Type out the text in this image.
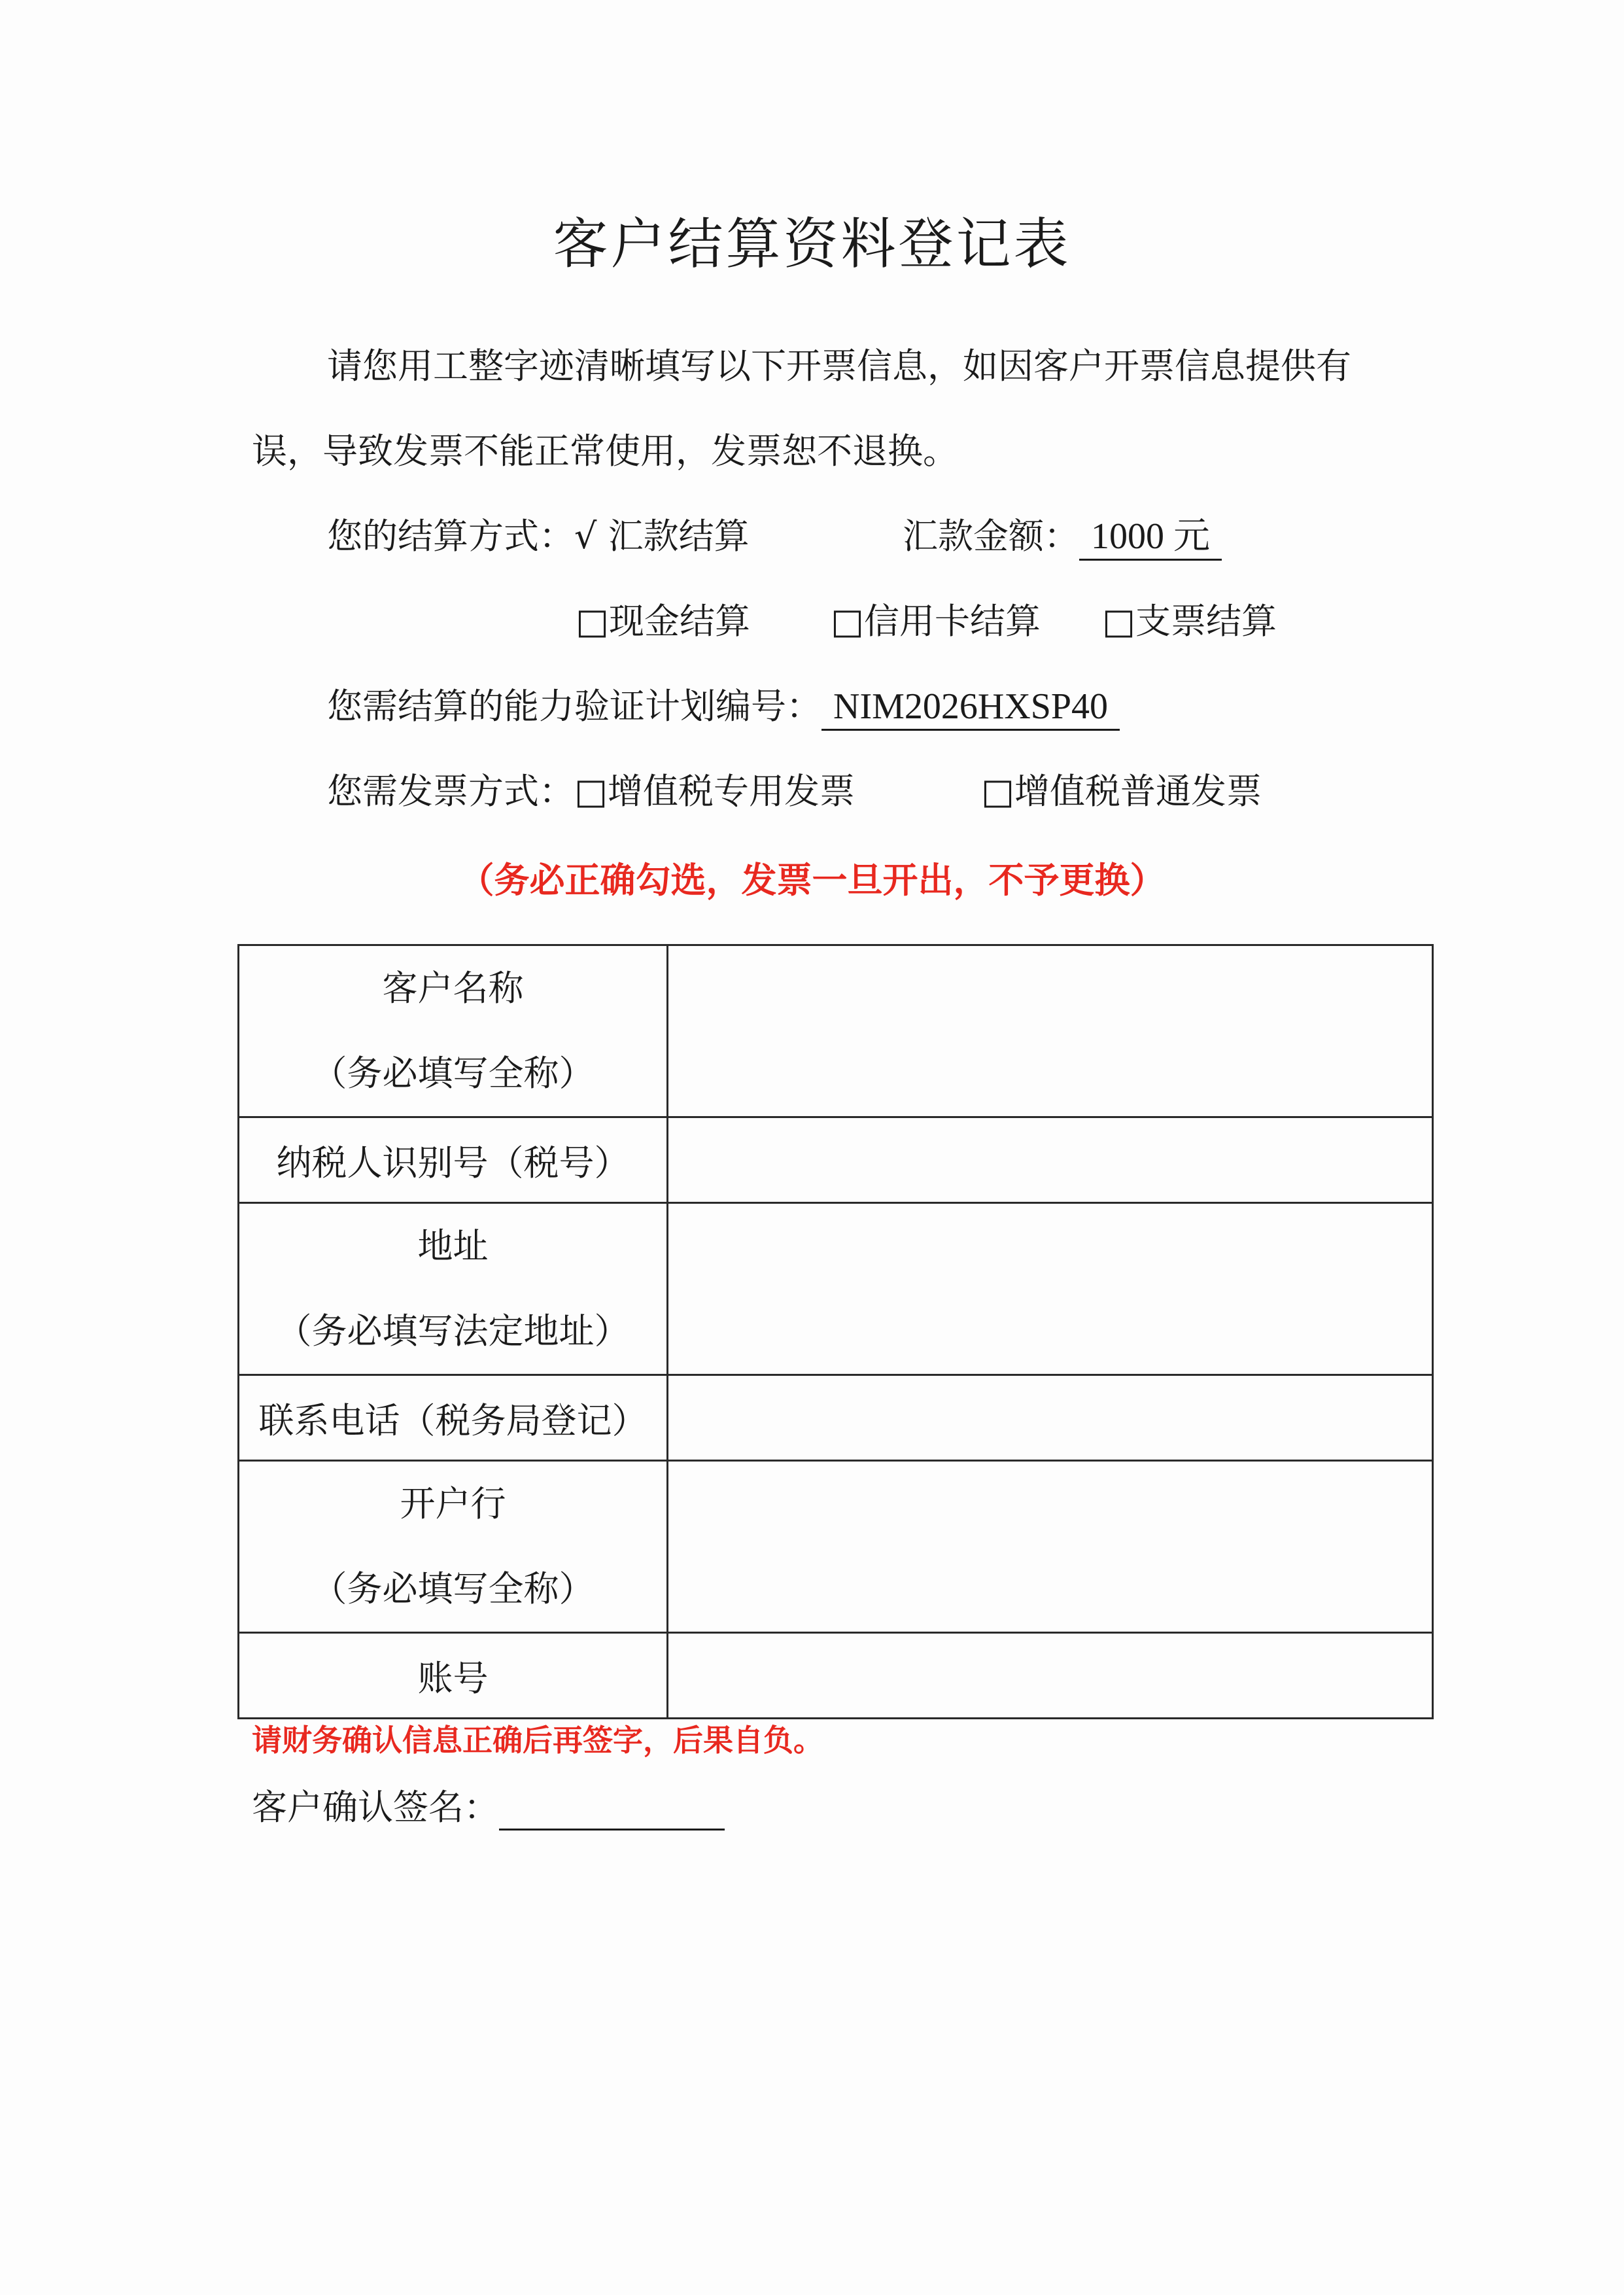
客户结算资料登记表
请您用工整字迹清晰填写以下开票信息，如因客户开票信息提供有
误，导致发票不能正常使用，发票恕不退换。
您的结算方式：√ 汇款结算	汇款金额： 1000 元
□现金结算 □信用卡结算 □支票结算
您需结算的能力验证计划编号： NIM2026HXSP40
您需发票方式：□增值税专用发票	□增值税普通发票
（务必正确勾选，发票一旦开出，不予更换）
客户名称
（务必填写全称）	

纳税人识别号（税号）	

地址
（务必填写法定地址）	

联系电话（税务局登记）	

开户行
（务必填写全称）	

账号	
请财务确认信息正确后再签字，后果自负。
客户确认签名：
